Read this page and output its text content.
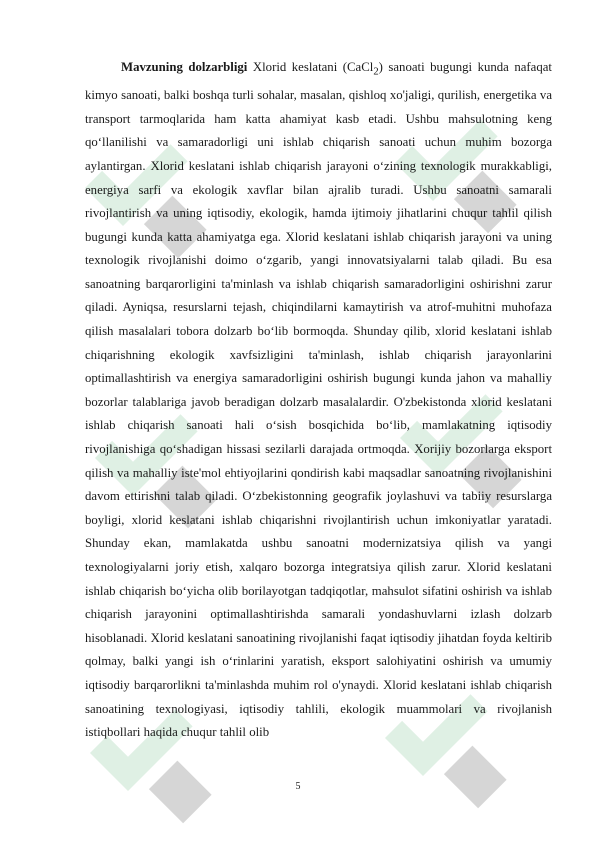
Mavzuning dolzarbligi Xlorid keslatani (CaCl$_2$) sanoati bugungi kunda nafaqat kimyo sanoati, balki boshqa turli sohalar, masalan, qishloq xo'jaligi, qurilish, energetika va transport tarmoqlarida ham katta ahamiyat kasb etadi. Ushbu mahsulotning keng qo‘llanilishi va samaradorligi uni ishlab chiqarish sanoati uchun muhim bozorga aylantirgan. Xlorid keslatani ishlab chiqarish jarayoni o‘zining texnologik murakkabligi, energiya sarfi va ekologik xavflar bilan ajralib turadi. Ushbu sanoatni samarali rivojlantirish va uning iqtisodiy, ekologik, hamda ijtimoiy jihatlarini chuqur tahlil qilish bugungi kunda katta ahamiyatga ega. Xlorid keslatani ishlab chiqarish jarayoni va uning texnologik rivojlanishi doimo o‘zgarib, yangi innovatsiyalarni talab qiladi. Bu esa sanoatning barqarorligini ta'minlash va ishlab chiqarish samaradorligini oshirishni zarur qiladi. Ayniqsa, resurslarni tejash, chiqindilarni kamaytirish va atrof-muhitni muhofaza qilish masalalari tobora dolzarb bo‘lib bormoqda. Shunday qilib, xlorid keslatani ishlab chiqarishning ekologik xavfsizligini ta'minlash, ishlab chiqarish jarayonlarini optimallashtirish va energiya samaradorligini oshirish bugungi kunda jahon va mahalliy bozorlar talablariga javob beradigan dolzarb masalalardir. O'zbekistonda xlorid keslatani ishlab chiqarish sanoati hali o‘sish bosqichida bo‘lib, mamlakatning iqtisodiy rivojlanishiga qo‘shadigan hissasi sezilarli darajada ortmoqda. Xorijiy bozorlarga eksport qilish va mahalliy iste'mol ehtiyojlarini qondirish kabi maqsadlar sanoatning rivojlanishini davom ettirishni talab qiladi. O‘zbekistonning geografik joylashuvi va tabiiy resurslarga boyligi, xlorid keslatani ishlab chiqarishni rivojlantirish uchun imkoniyatlar yaratadi. Shunday ekan, mamlakatda ushbu sanoatni modernizatsiya qilish va yangi texnologiyalarni joriy etish, xalqaro bozorga integratsiya qilish zarur. Xlorid keslatani ishlab chiqarish bo‘yicha olib borilayotgan tadqiqotlar, mahsulot sifatini oshirish va ishlab chiqarish jarayonini optimallashtirishda samarali yondashuvlarni izlash dolzarb hisoblanadi. Xlorid keslatani sanoatining rivojlanishi faqat iqtisodiy jihatdan foyda keltirib qolmay, balki yangi ish o‘rinlarini yaratish, eksport salohiyatini oshirish va umumiy iqtisodiy barqarorlikni ta'minlashda muhim rol o'ynaydi. Xlorid keslatani ishlab chiqarish sanoatining texnologiyasi, iqtisodiy tahlili, ekologik muammolari va rivojlanish istiqbollari haqida chuqur tahlil olib

5
